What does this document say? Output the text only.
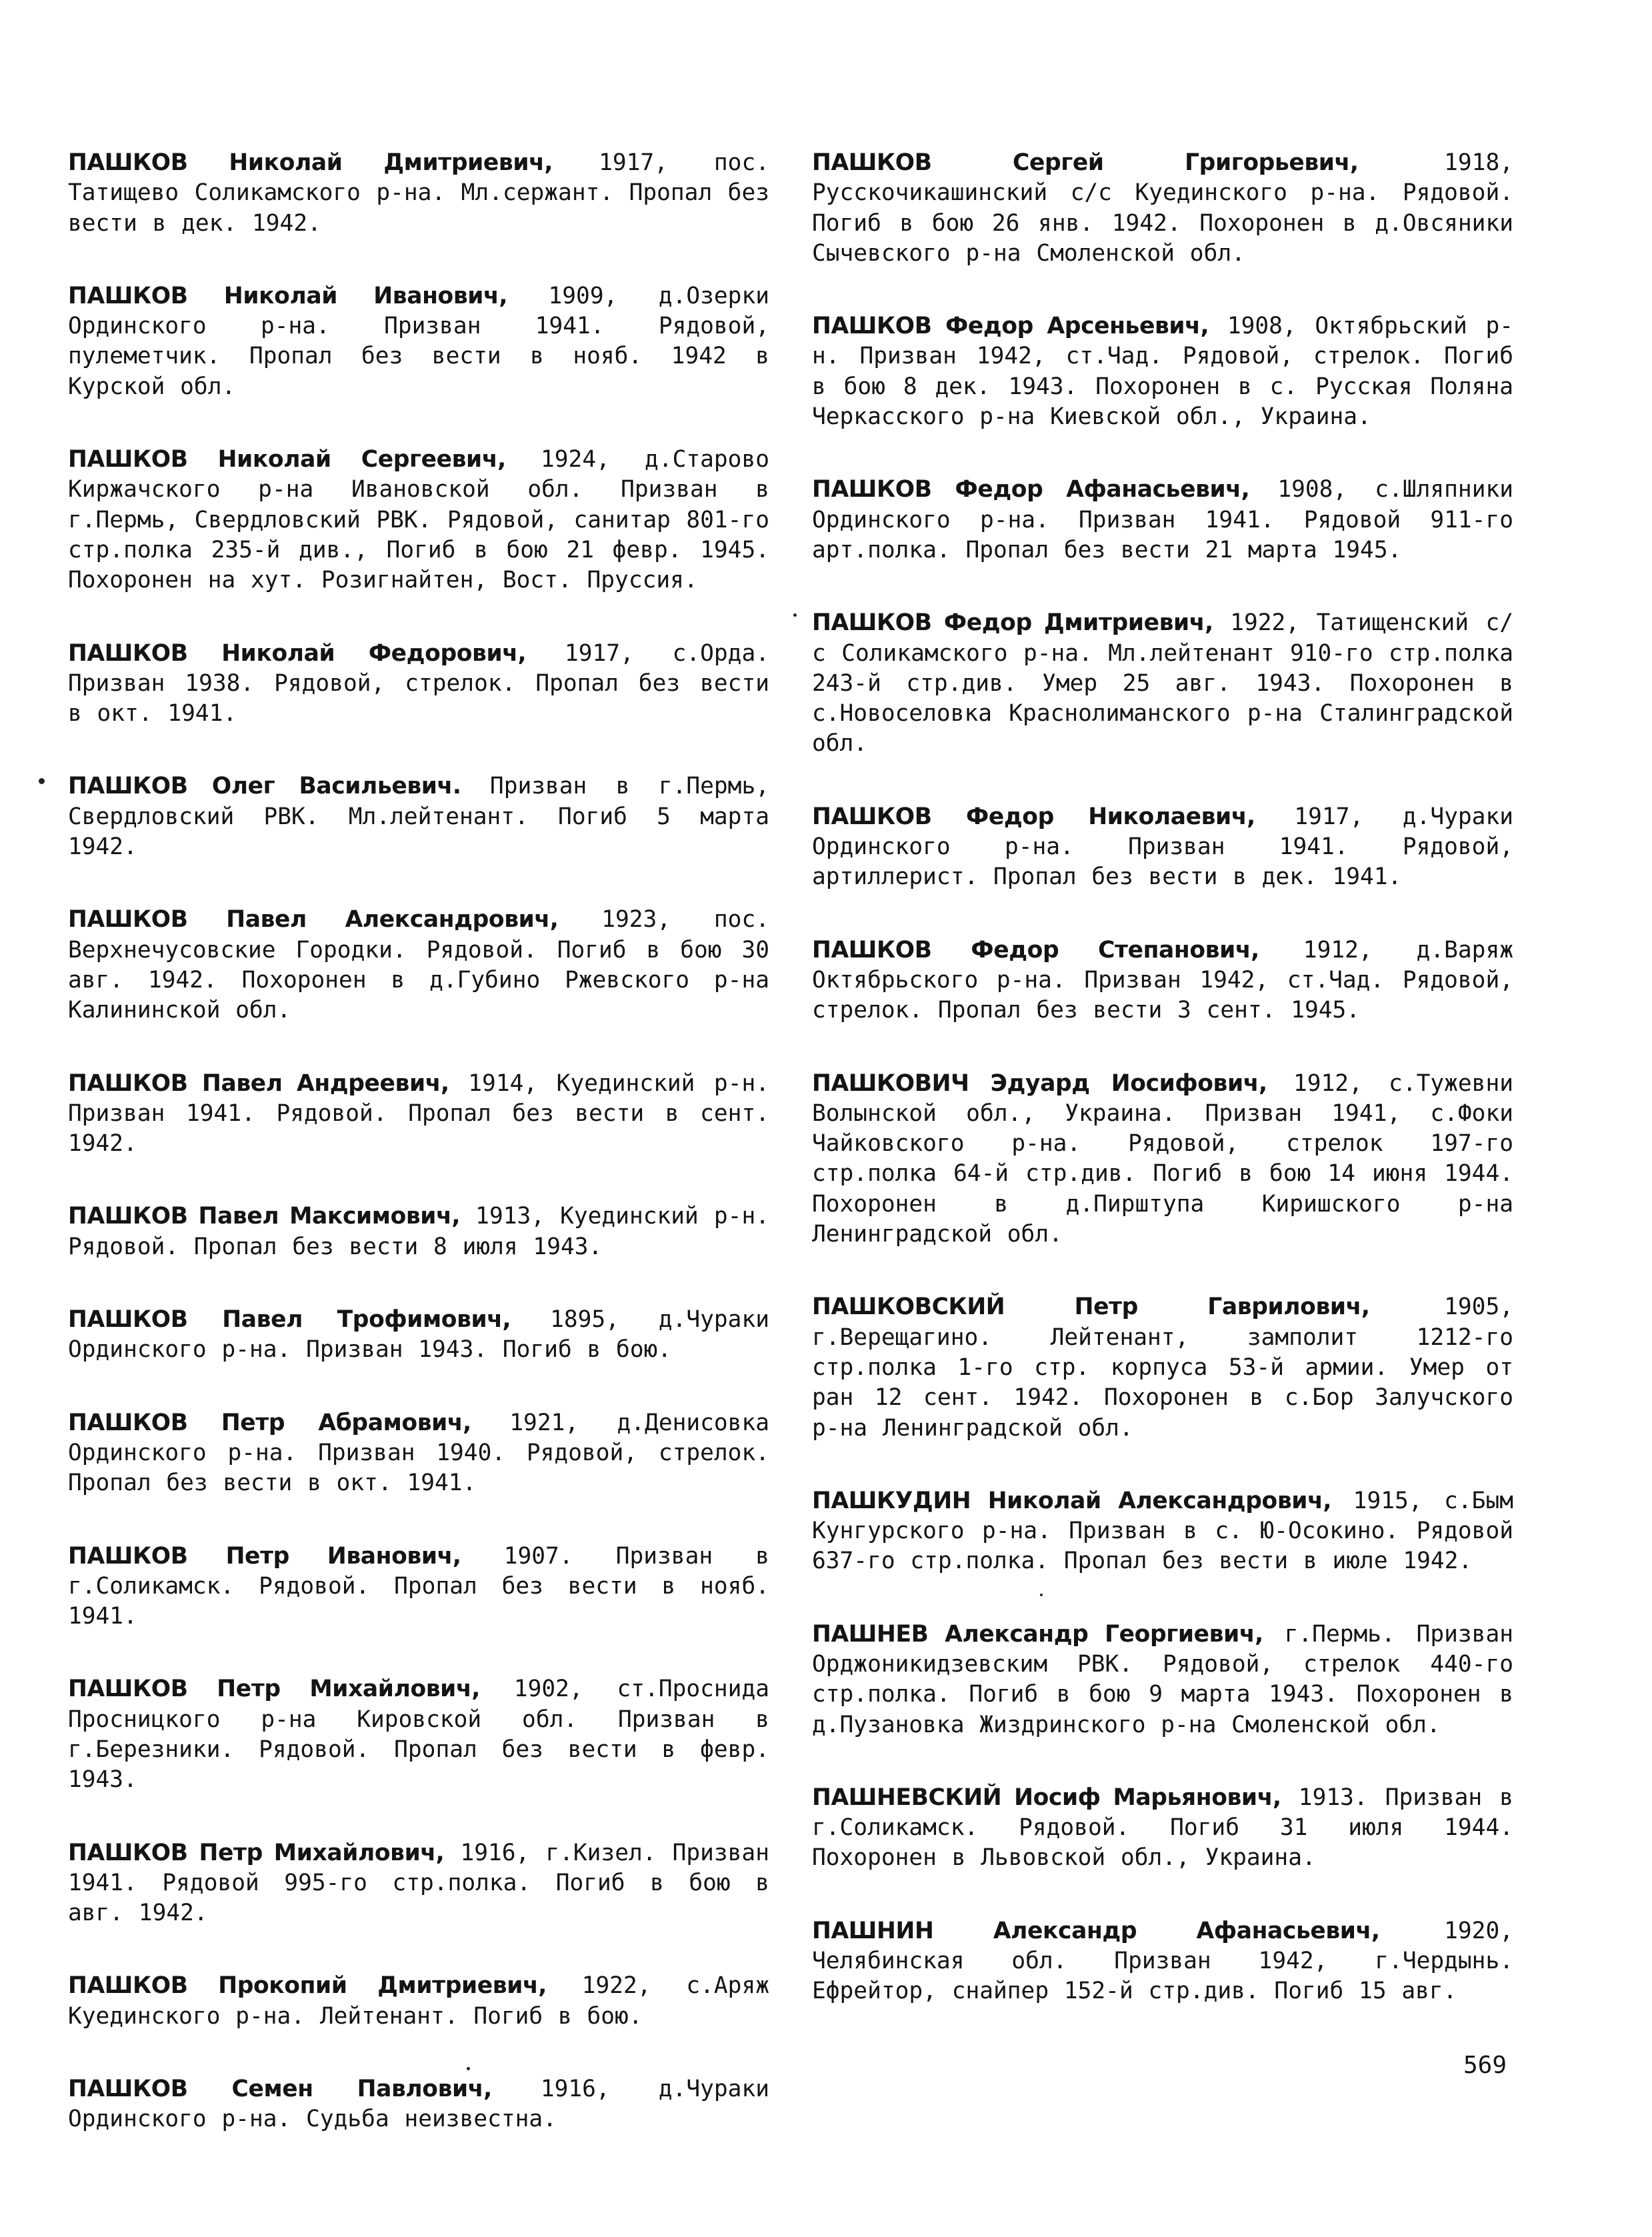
ПАШКОВ Николай Дмитриевич, 1917, пос. Татищево Соликамского р-на. Мл.сержант. Пропал без вести в дек. 1942.

ПАШКОВ Николай Иванович, 1909, д.Озерки Ординского р-на. Призван 1941. Рядовой, пулеметчик. Пропал без вести в нояб. 1942 в Курской обл.

ПАШКОВ Николай Сергеевич, 1924, д.Старово Киржачского р-на Ивановской обл. Призван в г.Пермь, Свердловский РВК. Рядовой, санитар 801-го стр.полка 235-й див., Погиб в бою 21 февр. 1945. Похоронен на хут. Розигнайтен, Вост. Пруссия.

ПАШКОВ Николай Федорович, 1917, с.Орда. Призван 1938. Рядовой, стрелок. Пропал без вести в окт. 1941.

ПАШКОВ Олег Васильевич. Призван в г.Пермь, Свердловский РВК. Мл.лейтенант. Погиб 5 марта 1942.

ПАШКОВ Павел Александрович, 1923, пос. Верхнечусовские Городки. Рядовой. Погиб в бою 30 авг. 1942. Похоронен в д.Губино Ржевского р-на Калининской обл.

ПАШКОВ Павел Андреевич, 1914, Куединский р-н. Призван 1941. Рядовой. Пропал без вести в сент. 1942.

ПАШКОВ Павел Максимович, 1913, Куединский р-н. Рядовой. Пропал без вести 8 июля 1943.

ПАШКОВ Павел Трофимович, 1895, д.Чураки Ординского р-на. Призван 1943. Погиб в бою.

ПАШКОВ Петр Абрамович, 1921, д.Денисовка Ординского р-на. Призван 1940. Рядовой, стрелок. Пропал без вести в окт. 1941.

ПАШКОВ Петр Иванович, 1907. Призван в г.Соликамск. Рядовой. Пропал без вести в нояб. 1941.

ПАШКОВ Петр Михайлович, 1902, ст.Проснида Просницкого р-на Кировской обл. Призван в г.Березники. Рядовой. Пропал без вести в февр. 1943.

ПАШКОВ Петр Михайлович, 1916, г.Кизел. Призван 1941. Рядовой 995-го стр.полка. Погиб в бою в авг. 1942.

ПАШКОВ Прокопий Дмитриевич, 1922, с.Аряж Куединского р-на. Лейтенант. Погиб в бою.

ПАШКОВ Семен Павлович, 1916, д.Чураки Ординского р-на. Судьба неизвестна.

ПАШКОВ Сергей Григорьевич,	1918, Русскочикашинский с/с Куединского р-на. Рядовой. Погиб в бою 26 янв. 1942. Похоронен в д.Овсяники Сычевского р-на Смоленской обл.

ПАШКОВ Федор Арсеньевич, 1908, Октябрьский р-н. Призван 1942, ст.Чад. Рядовой, стрелок. Погиб в бою 8 дек. 1943. Похоронен в с. Русская Поляна Черкасского р-на Киевской обл., Украина.

ПАШКОВ Федор Афанасьевич, 1908, с.Шляпники Ординского р-на. Призван 1941. Рядовой 911-го арт.полка. Пропал без вести 21 марта 1945.

ПАШКОВ Федор Дмитриевич, 1922, Татищенский с/с Соликамского р-на. Мл.лейтенант 910-го стр.полка 243-й стр.див. Умер 25 авг. 1943. Похоронен в с.Новоселовка Краснолиманского р-на Сталинградской обл.

ПАШКОВ Федор Николаевич, 1917, д.Чураки Ординского р-на. Призван 1941. Рядовой, артиллерист. Пропал без вести в дек. 1941.

ПАШКОВ Федор Степанович, 1912, д.Варяж Октябрьского р-на. Призван 1942, ст.Чад. Рядовой, стрелок. Пропал без вести 3 сент. 1945.

ПАШКОВИЧ Эдуард Иосифович, 1912, с.Тужевни Волынской обл., Украина. Призван 1941, с.Фоки Чайковского р-на. Рядовой, стрелок 197-го стр.полка 64-й стр.див. Погиб в бою 14 июня 1944. Похоронен в д.Пирштупа Киришского р-на Ленинградской обл.

ПАШКОВСКИЙ Петр Гаврилович,	1905, г.Верещагино. Лейтенант, замполит 1212-го стр.полка 1-го стр. корпуса 53-й армии. Умер от ран 12 сент. 1942. Похоронен в с.Бор Залучского р-на Ленинградской обл.

ПАШКУДИН Николай Александрович, 1915, с.Бым Кунгурского р-на. Призван в с. Ю-Осокино. Рядовой 637-го стр.полка. Пропал без вести в июле 1942.

ПАШНЕВ Александр Георгиевич, г.Пермь. Призван Орджоникидзевским РВК. Рядовой, стрелок 440-го стр.полка. Погиб в бою 9 марта 1943. Похоронен в д.Пузановка Жиздринского р-на Смоленской обл.

ПАШНЕВСКИЙ Иосиф Марьянович, 1913. Призван в г.Соликамск. Рядовой. Погиб 31 июля 1944. Похоронен в Львовской обл., Украина.

ПАШНИН Александр Афанасьевич,	1920, Челябинская обл. Призван 1942, г.Чердынь. Ефрейтор, снайпер 152-й стр.див. Погиб 15 авг.

569
